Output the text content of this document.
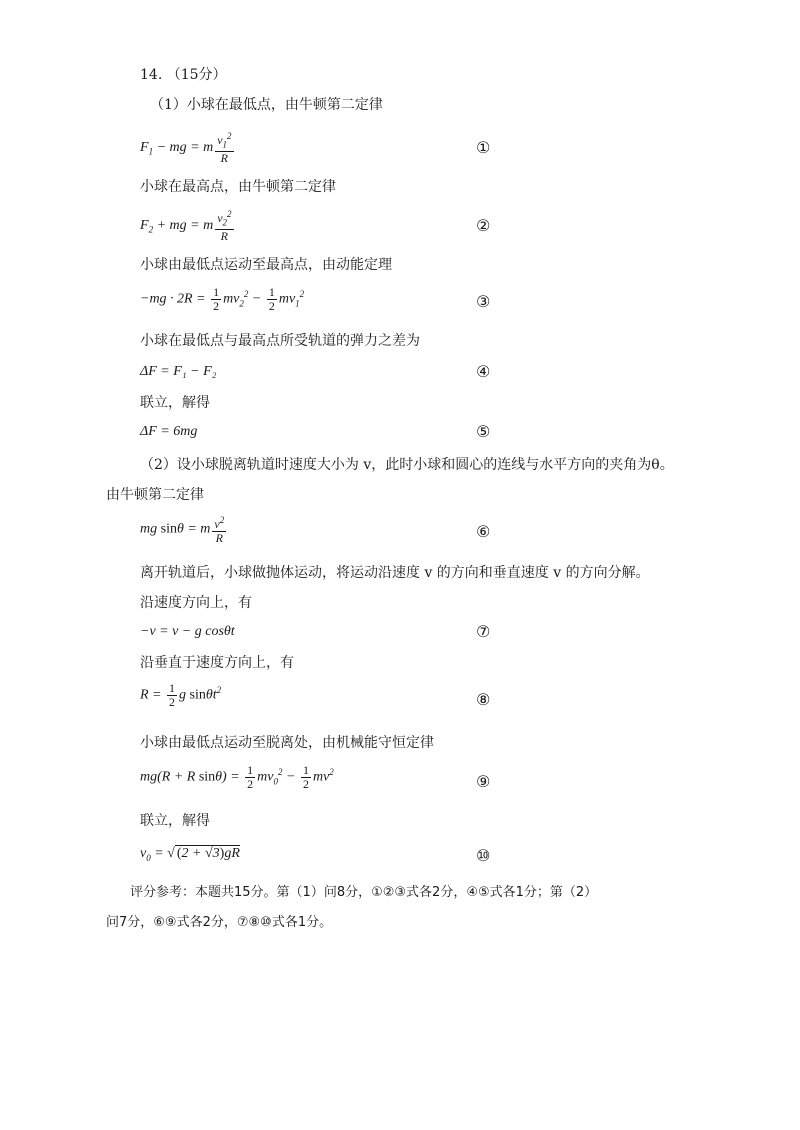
14. （15分）
（1）小球在最低点，由牛顿第二定律
$F_1$ − mg = m $\frac{v_1^2}{R}$	①
小球在最高点，由牛顿第二定律
$F_2$ + mg = m $\frac{v_2^2}{R}$	②
小球由最低点运动至最高点，由动能定理
$-mg \cdot 2R = \frac{1}{2} mv_2^2 - \frac{1}{2} mv_1^2$	③
小球在最低点与最高点所受轨道的弹力之差为
ΔF = F₁ − F₂	④
联立，解得
ΔF = 6mg	⑤
（2）设小球脱离轨道时速度大小为 v，此时小球和圆心的连线与水平方向的夹角为θ。
由牛顿第二定律
mg sinθ = m $\frac{v^2}{R}$	⑥
离开轨道后，小球做抛体运动，将运动沿速度 v 的方向和垂直速度 v 的方向分解。
沿速度方向上，有
−v = v − g cosθt	⑦
沿垂直于速度方向上，有
$R = \frac{1}{2}$ g sinθt$^2$	⑧
小球由最低点运动至脱离处，由机械能守恒定律
mg(R + R $\sin\theta) = \frac{1}{2} mv_0^2 - \frac{1}{2} mv^2$	⑨
联立，解得
$v_0$ = √ (2 + √3)gR	⑩
评分参考：本题共15分。第（1）问8分，①②③式各2分，④⑤式各1分；第（2）
问7分，⑥⑨式各2分，⑦⑧⑩式各1分。
